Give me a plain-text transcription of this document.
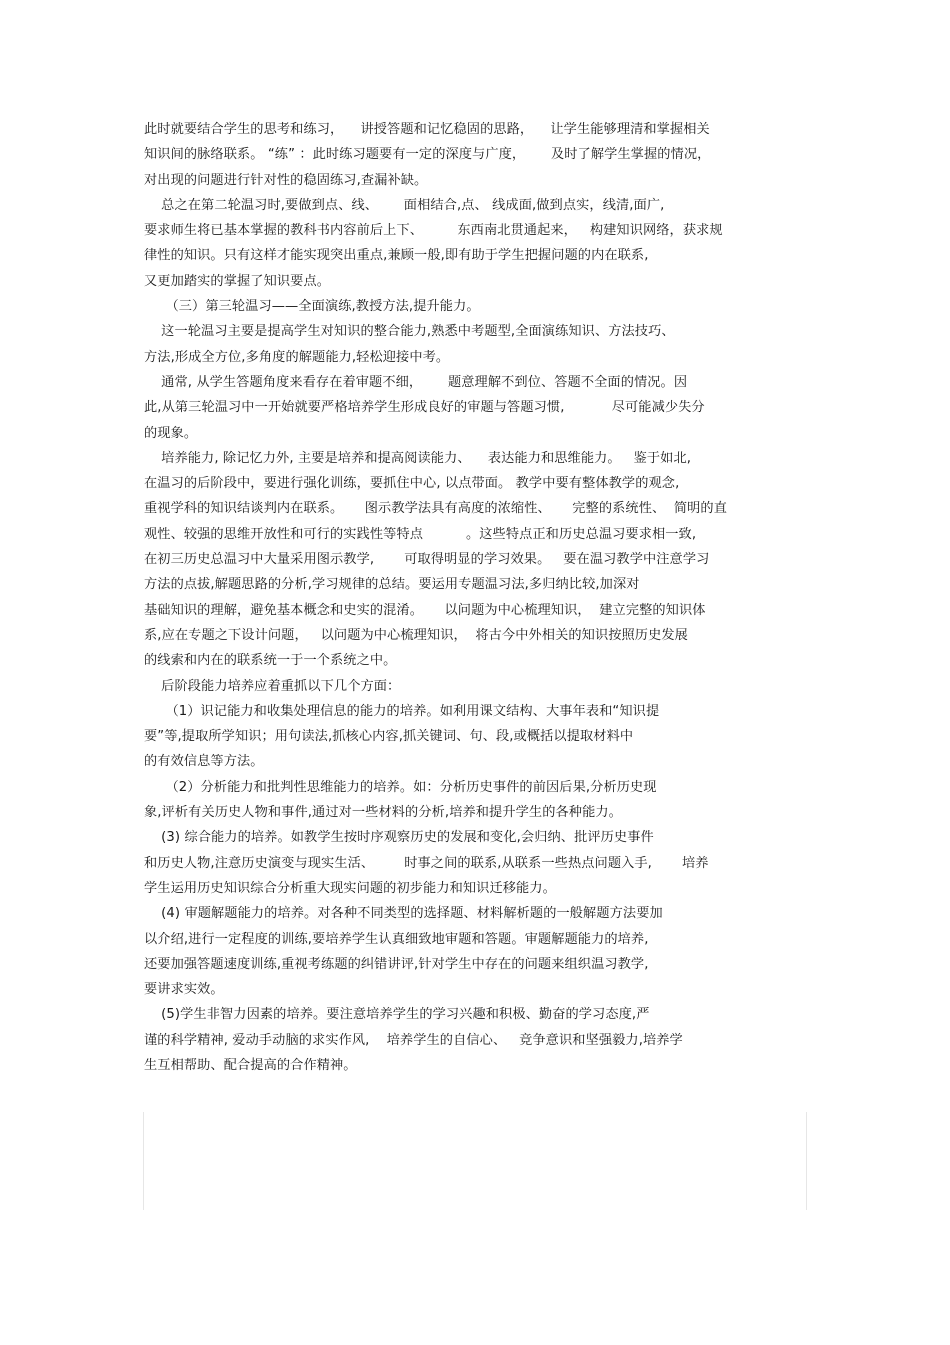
此时就要结合学生的思考和练习，    讲授答题和记忆稳固的思路，    让学生能够理清和掌握相关
知识间的脉络联系。 “练” ：此时练习题要有一定的深度与广度，      及时了解学生掌握的情况，
对出现的问题进行针对性的稳固练习,查漏补缺。
总之在第二轮温习时,要做到点、线、      面相结合,点、 线成面,做到点实，线清,面广,
要求师生将已基本掌握的教科书内容前后上下、        东西南北贯通起来，   构建知识网络，获求规
律性的知识。只有这样才能实现突出重点,兼顾一般,即有助于学生把握问题的内在联系,
又更加踏实的掌握了知识要点。
（三）第三轮温习——全面演练,教授方法,提升能力。
这一轮温习主要是提高学生对知识的整合能力,熟悉中考题型,全面演练知识、方法技巧、
方法,形成全方位,多角度的解题能力,轻松迎接中考。
通常, 从学生答题角度来看存在着审题不细，      题意理解不到位、答题不全面的情况。因
此,从第三轮温习中一开始就要严格培养学生形成良好的审题与答题习惯,           尽可能减少失分
的现象。
培养能力, 除记忆力外, 主要是培养和提高阅读能力、    表达能力和思维能力。   鉴于如北,
在温习的后阶段中，要进行强化训练，要抓住中心, 以点带面。 教学中要有整体教学的观念,
重视学科的知识结谈判内在联系。     图示教学法具有高度的浓缩性、     完整的系统性、  简明的直
观性、较强的思维开放性和可行的实践性等特点          。这些特点正和历史总温习要求相一致,
在初三历史总温习中大量采用图示教学,       可取得明显的学习效果。   要在温习教学中注意学习
方法的点拔,解题思路的分析,学习规律的总结。要运用专题温习法,多归纳比较,加深对
基础知识的理解，避免基本概念和史实的混淆。     以问题为中心梳理知识，  建立完整的知识体
系,应在专题之下设计问题，   以问题为中心梳理知识，  将古今中外相关的知识按照历史发展
的线索和内在的联系统一于一个系统之中。
后阶段能力培养应着重抓以下几个方面：
（1）识记能力和收集处理信息的能力的培养。如利用课文结构、大事年表和“知识提
要”等,提取所学知识；用句读法,抓核心内容,抓关键词、句、段,或概括以提取材料中
的有效信息等方法。
（2）分析能力和批判性思维能力的培养。如：分析历史事件的前因后果,分析历史现
象,评析有关历史人物和事件,通过对一些材料的分析,培养和提升学生的各种能力。
(3) 综合能力的培养。如教学生按时序观察历史的发展和变化,会归纳、批评历史事件
和历史人物,注意历史演变与现实生活、       时事之间的联系,从联系一些热点问题入手,       培养
学生运用历史知识综合分析重大现实问题的初步能力和知识迁移能力。
(4) 审题解题能力的培养。对各种不同类型的选择题、材料解析题的一般解题方法要加
以介绍,进行一定程度的训练,要培养学生认真细致地审题和答题。审题解题能力的培养,
还要加强答题速度训练,重视考练题的纠错讲评,针对学生中存在的问题来组织温习教学,
要讲求实效。
(5)学生非智力因素的培养。要注意培养学生的学习兴趣和积极、勤奋的学习态度,严
谨的科学精神, 爱动手动脑的求实作风,    培养学生的自信心、   竞争意识和坚强毅力,培养学
生互相帮助、配合提高的合作精神。
